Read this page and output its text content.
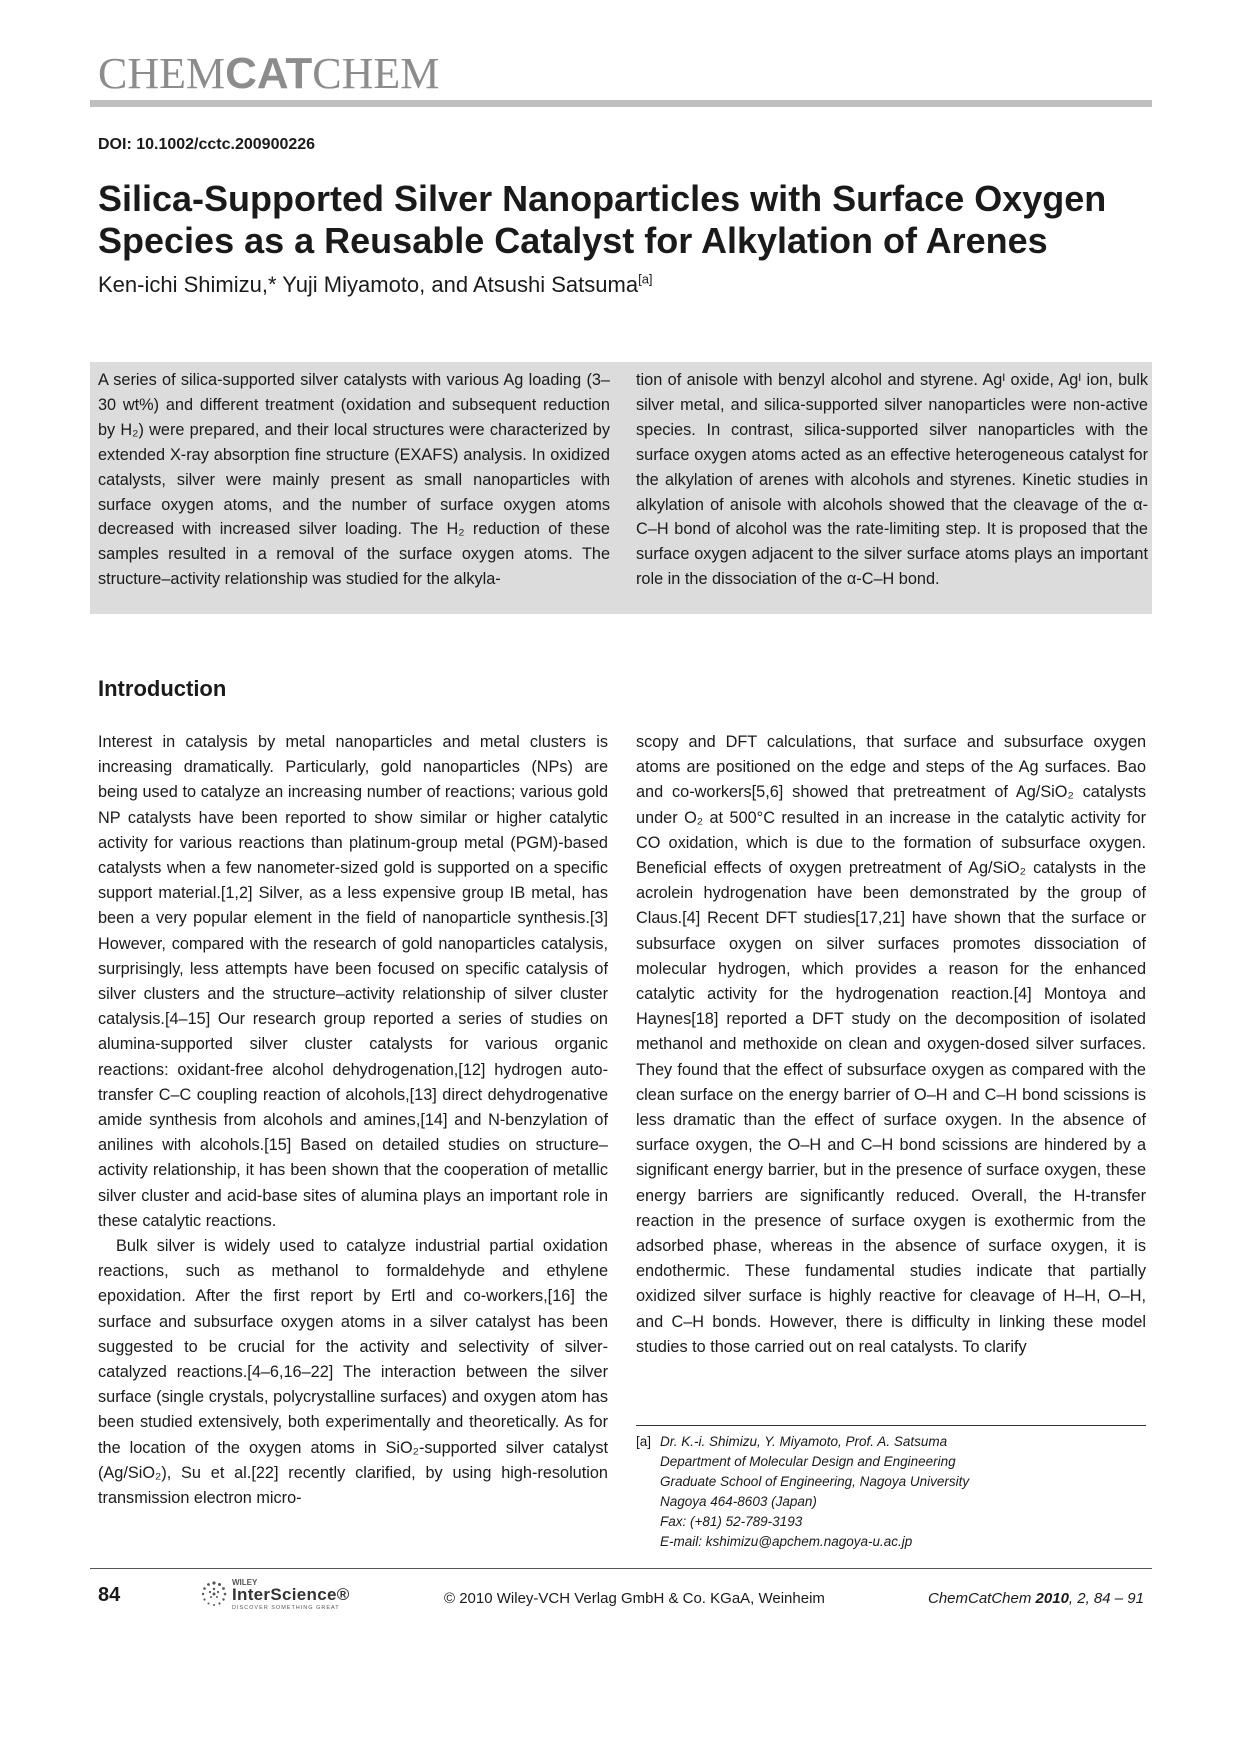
CHEMCATCHEM
DOI: 10.1002/cctc.200900226
Silica-Supported Silver Nanoparticles with Surface Oxygen Species as a Reusable Catalyst for Alkylation of Arenes
Ken-ichi Shimizu,* Yuji Miyamoto, and Atsushi Satsuma[a]
A series of silica-supported silver catalysts with various Ag loading (3–30 wt%) and different treatment (oxidation and subsequent reduction by H₂) were prepared, and their local structures were characterized by extended X-ray absorption fine structure (EXAFS) analysis. In oxidized catalysts, silver were mainly present as small nanoparticles with surface oxygen atoms, and the number of surface oxygen atoms decreased with increased silver loading. The H₂ reduction of these samples resulted in a removal of the surface oxygen atoms. The structure–activity relationship was studied for the alkyla-
tion of anisole with benzyl alcohol and styrene. Agᴵ oxide, Agᴵ ion, bulk silver metal, and silica-supported silver nanoparticles were non-active species. In contrast, silica-supported silver nanoparticles with the surface oxygen atoms acted as an effective heterogeneous catalyst for the alkylation of arenes with alcohols and styrenes. Kinetic studies in alkylation of anisole with alcohols showed that the cleavage of the α-C–H bond of alcohol was the rate-limiting step. It is proposed that the surface oxygen adjacent to the silver surface atoms plays an important role in the dissociation of the α-C–H bond.
Introduction

Interest in catalysis by metal nanoparticles and metal clusters is increasing dramatically. Particularly, gold nanoparticles (NPs) are being used to catalyze an increasing number of reactions; various gold NP catalysts have been reported to show similar or higher catalytic activity for various reactions than platinum-group metal (PGM)-based catalysts when a few nanometer-sized gold is supported on a specific support material.[1,2] Silver, as a less expensive group IB metal, has been a very popular element in the field of nanoparticle synthesis.[3] However, compared with the research of gold nanoparticles catalysis, surprisingly, less attempts have been focused on specific catalysis of silver clusters and the structure–activity relationship of silver cluster catalysis.[4–15] Our research group reported a series of studies on alumina-supported silver cluster catalysts for various organic reactions: oxidant-free alcohol dehydrogenation,[12] hydrogen auto-transfer C–C coupling reaction of alcohols,[13] direct dehydrogenative amide synthesis from alcohols and amines,[14] and N-benzylation of anilines with alcohols.[15] Based on detailed studies on structure–activity relationship, it has been shown that the cooperation of metallic silver cluster and acid-base sites of alumina plays an important role in these catalytic reactions.

Bulk silver is widely used to catalyze industrial partial oxidation reactions, such as methanol to formaldehyde and ethylene epoxidation. After the first report by Ertl and co-workers,[16] the surface and subsurface oxygen atoms in a silver catalyst has been suggested to be crucial for the activity and selectivity of silver-catalyzed reactions.[4–6,16–22] The interaction between the silver surface (single crystals, polycrystalline surfaces) and oxygen atom has been studied extensively, both experimentally and theoretically. As for the location of the oxygen atoms in SiO₂-supported silver catalyst (Ag/SiO₂), Su et al.[22] recently clarified, by using high-resolution transmission electron micro-

scopy and DFT calculations, that surface and subsurface oxygen atoms are positioned on the edge and steps of the Ag surfaces. Bao and co-workers[5,6] showed that pretreatment of Ag/SiO₂ catalysts under O₂ at 500°C resulted in an increase in the catalytic activity for CO oxidation, which is due to the formation of subsurface oxygen. Beneficial effects of oxygen pretreatment of Ag/SiO₂ catalysts in the acrolein hydrogenation have been demonstrated by the group of Claus.[4] Recent DFT studies[17,21] have shown that the surface or subsurface oxygen on silver surfaces promotes dissociation of molecular hydrogen, which provides a reason for the enhanced catalytic activity for the hydrogenation reaction.[4] Montoya and Haynes[18] reported a DFT study on the decomposition of isolated methanol and methoxide on clean and oxygen-dosed silver surfaces. They found that the effect of subsurface oxygen as compared with the clean surface on the energy barrier of O–H and C–H bond scissions is less dramatic than the effect of surface oxygen. In the absence of surface oxygen, the O–H and C–H bond scissions are hindered by a significant energy barrier, but in the presence of surface oxygen, these energy barriers are significantly reduced. Overall, the H-transfer reaction in the presence of surface oxygen is exothermic from the adsorbed phase, whereas in the absence of surface oxygen, it is endothermic. These fundamental studies indicate that partially oxidized silver surface is highly reactive for cleavage of H–H, O–H, and C–H bonds. However, there is difficulty in linking these model studies to those carried out on real catalysts. To clarify

[a] Dr. K.-i. Shimizu, Y. Miyamoto, Prof. A. Satsuma
Department of Molecular Design and Engineering
Graduate School of Engineering, Nagoya University
Nagoya 464-8603 (Japan)
Fax: (+81) 52-789-3193
E-mail: kshimizu@apchem.nagoya-u.ac.jp
84
WILEY
InterScience®
DISCOVER SOMETHING GREAT
© 2010 Wiley-VCH Verlag GmbH & Co. KGaA, Weinheim	ChemCatChem 2010, 2, 84 – 91
